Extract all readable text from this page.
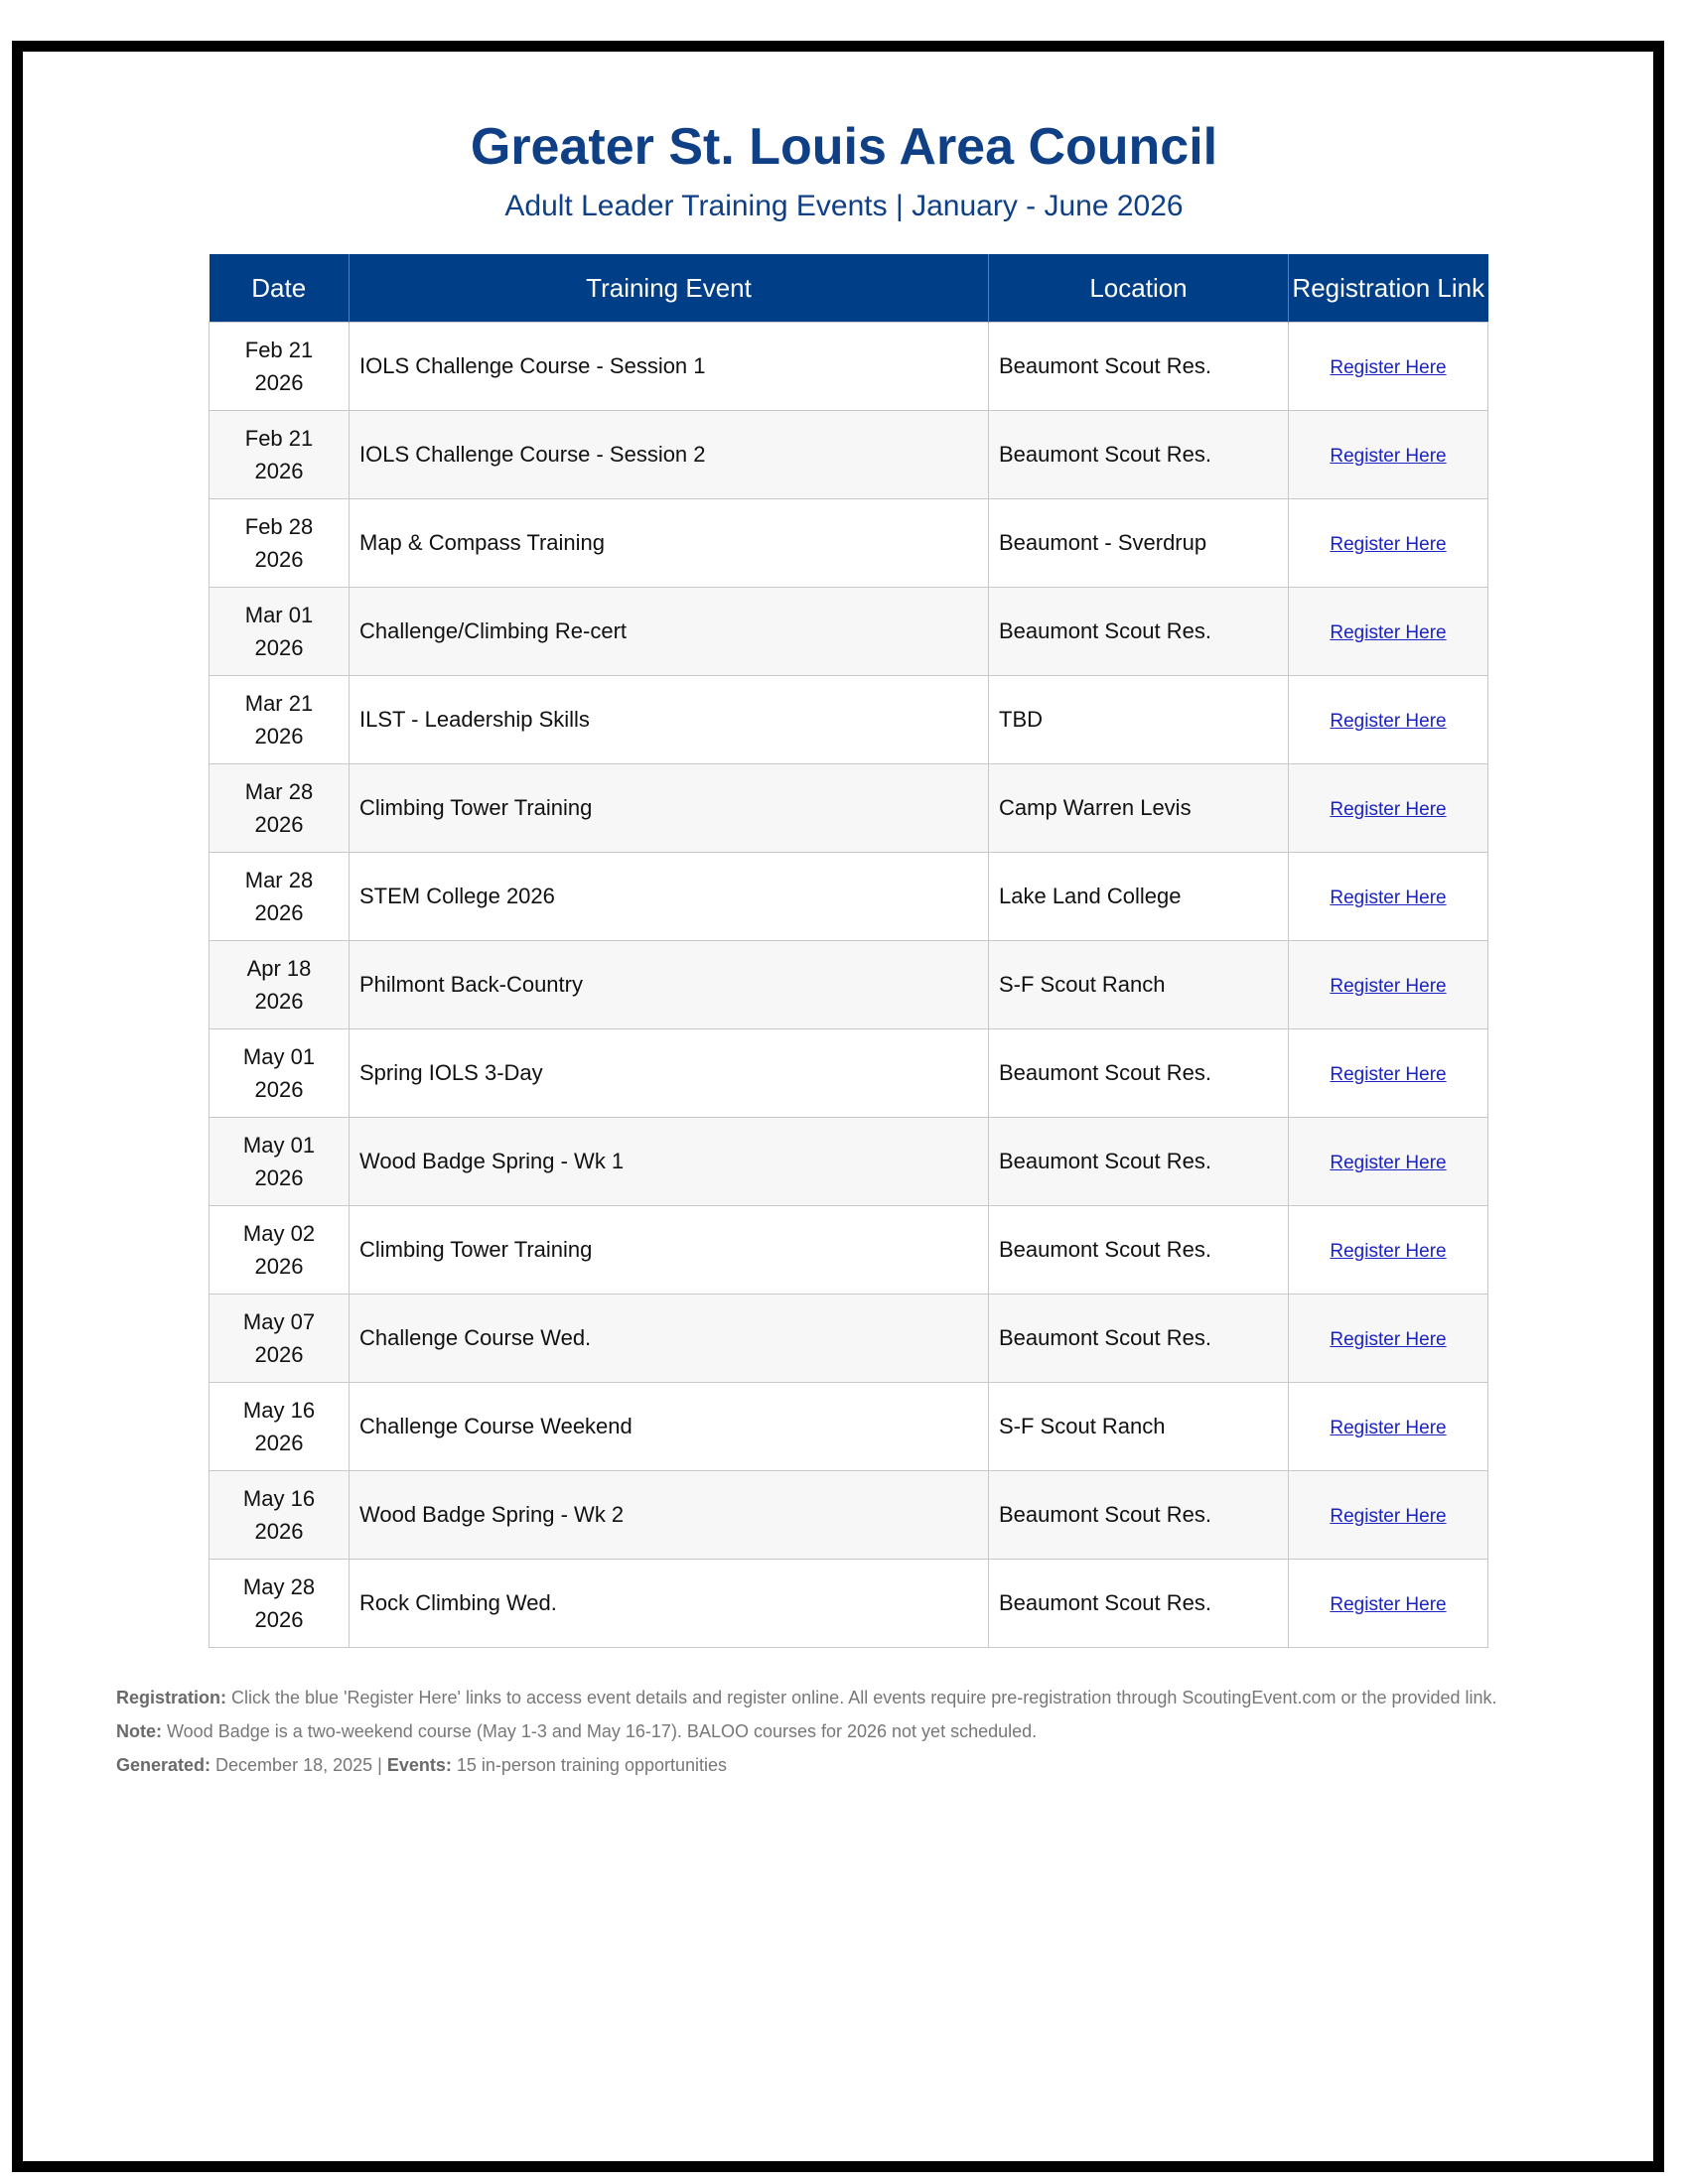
Greater St. Louis Area Council
Adult Leader Training Events | January - June 2026
Date	Training Event	Location	Registration Link

Feb 21
2026	IOLS Challenge Course - Session 1	Beaumont Scout Res.	Register Here

Feb 21
2026	IOLS Challenge Course - Session 2	Beaumont Scout Res.	Register Here

Feb 28
2026	Map & Compass Training	Beaumont - Sverdrup	Register Here

Mar 01
2026	Challenge/Climbing Re-cert	Beaumont Scout Res.	Register Here

Mar 21
2026	ILST - Leadership Skills	TBD	Register Here

Mar 28
2026	Climbing Tower Training	Camp Warren Levis	Register Here

Mar 28
2026	STEM College 2026	Lake Land College	Register Here

Apr 18
2026	Philmont Back-Country	S-F Scout Ranch	Register Here

May 01
2026	Spring IOLS 3-Day	Beaumont Scout Res.	Register Here

May 01
2026	Wood Badge Spring - Wk 1	Beaumont Scout Res.	Register Here

May 02
2026	Climbing Tower Training	Beaumont Scout Res.	Register Here

May 07
2026	Challenge Course Wed.	Beaumont Scout Res.	Register Here

May 16
2026	Challenge Course Weekend	S-F Scout Ranch	Register Here

May 16
2026	Wood Badge Spring - Wk 2	Beaumont Scout Res.	Register Here

May 28
2026	Rock Climbing Wed.	Beaumont Scout Res.	Register Here

Registration: Click the blue 'Register Here' links to access event details and register online. All events require pre-registration through ScoutingEvent.com or the provided link.

Note: Wood Badge is a two-weekend course (May 1-3 and May 16-17). BALOO courses for 2026 not yet scheduled.

Generated: December 18, 2025 | Events: 15 in-person training opportunities
